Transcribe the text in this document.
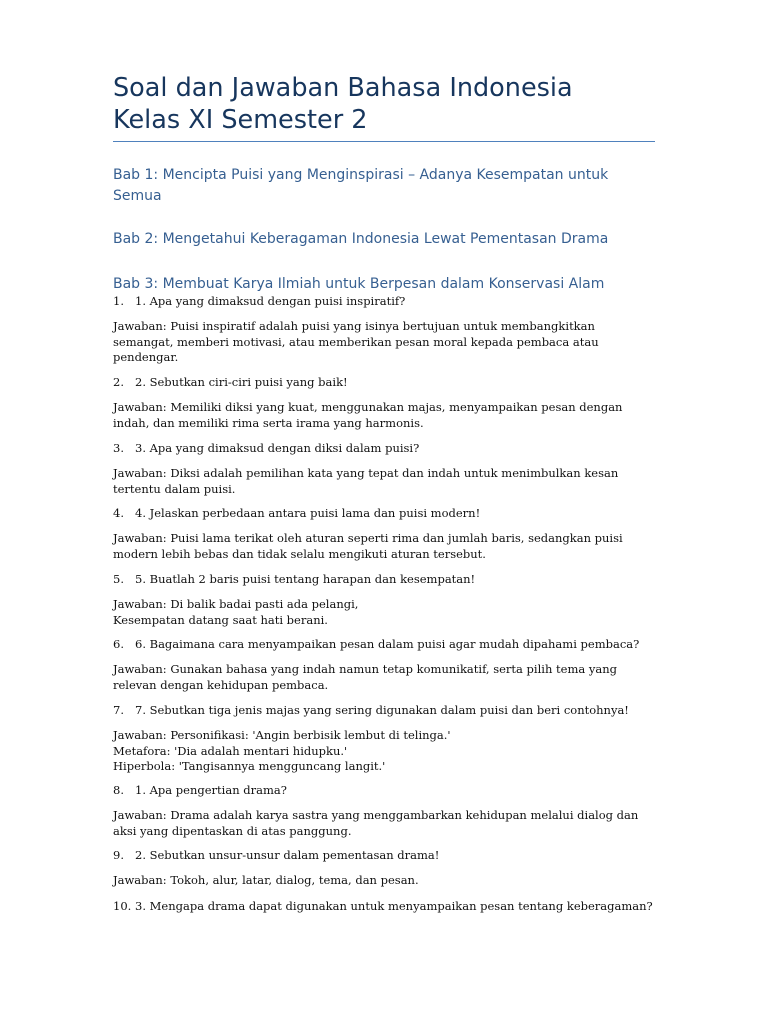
Soal dan Jawaban Bahasa Indonesia
Kelas XI Semester 2
Bab 1: Mencipta Puisi yang Menginspirasi – Adanya Kesempatan untuk Semua
Bab 2: Mengetahui Keberagaman Indonesia Lewat Pementasan Drama
Bab 3: Membuat Karya Ilmiah untuk Berpesan dalam Konservasi Alam
1. 1. Apa yang dimaksud dengan puisi inspiratif?
Jawaban: Puisi inspiratif adalah puisi yang isinya bertujuan untuk membangkitkan semangat, memberi motivasi, atau memberikan pesan moral kepada pembaca atau pendengar.
2. 2. Sebutkan ciri-ciri puisi yang baik!
Jawaban: Memiliki diksi yang kuat, menggunakan majas, menyampaikan pesan dengan indah, dan memiliki rima serta irama yang harmonis.
3. 3. Apa yang dimaksud dengan diksi dalam puisi?
Jawaban: Diksi adalah pemilihan kata yang tepat dan indah untuk menimbulkan kesan tertentu dalam puisi.
4. 4. Jelaskan perbedaan antara puisi lama dan puisi modern!
Jawaban: Puisi lama terikat oleh aturan seperti rima dan jumlah baris, sedangkan puisi modern lebih bebas dan tidak selalu mengikuti aturan tersebut.
5. 5. Buatlah 2 baris puisi tentang harapan dan kesempatan!
Jawaban: Di balik badai pasti ada pelangi,
Kesempatan datang saat hati berani.
6. 6. Bagaimana cara menyampaikan pesan dalam puisi agar mudah dipahami pembaca?
Jawaban: Gunakan bahasa yang indah namun tetap komunikatif, serta pilih tema yang relevan dengan kehidupan pembaca.
7. 7. Sebutkan tiga jenis majas yang sering digunakan dalam puisi dan beri contohnya!
Jawaban: Personifikasi: 'Angin berbisik lembut di telinga.'
Metafora: 'Dia adalah mentari hidupku.'
Hiperbola: 'Tangisannya mengguncang langit.'
8. 1. Apa pengertian drama?
Jawaban: Drama adalah karya sastra yang menggambarkan kehidupan melalui dialog dan aksi yang dipentaskan di atas panggung.
9. 2. Sebutkan unsur-unsur dalam pementasan drama!
Jawaban: Tokoh, alur, latar, dialog, tema, dan pesan.
10. 3. Mengapa drama dapat digunakan untuk menyampaikan pesan tentang keberagaman?
